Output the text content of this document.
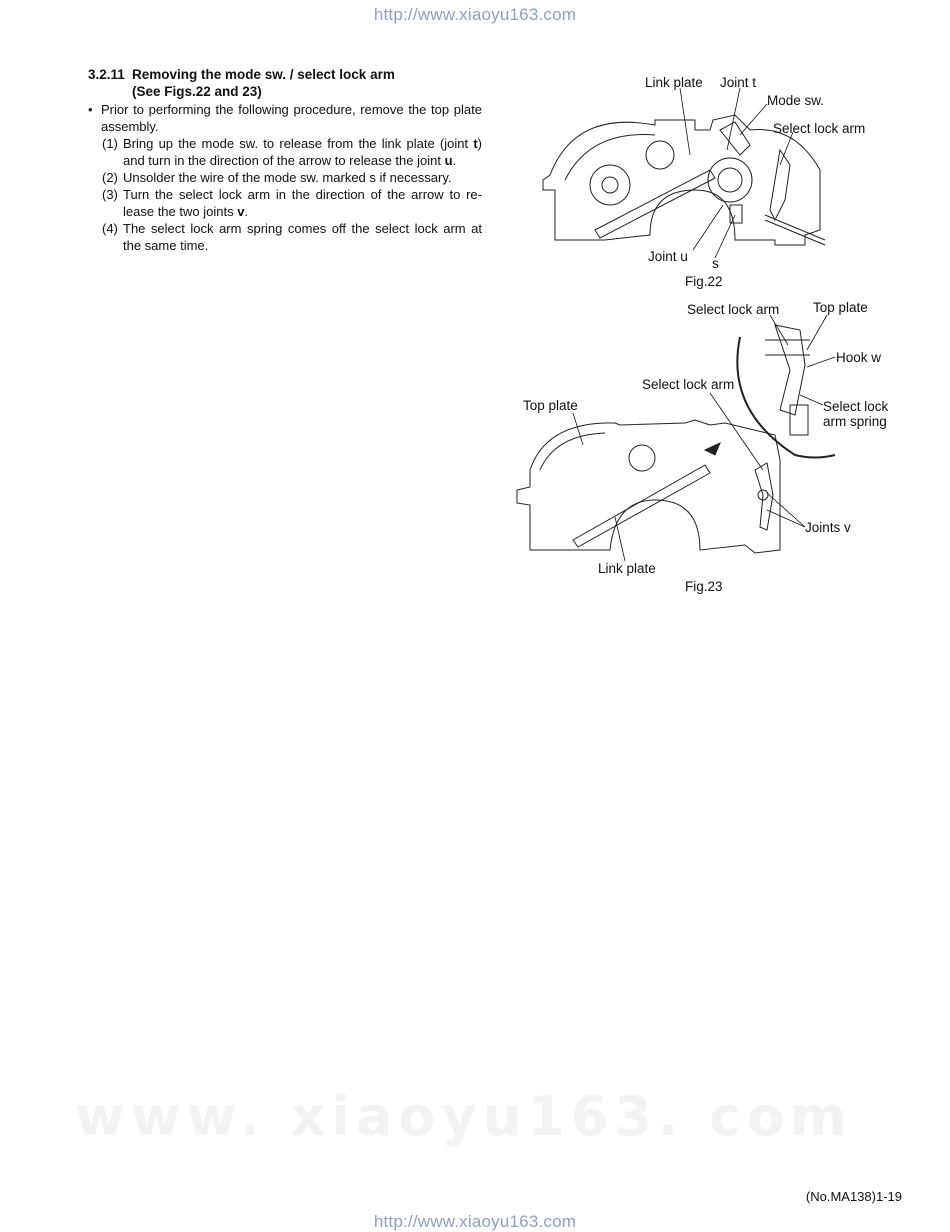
http://www.xiaoyu163.com
www. xiaoyu163. com
3.2.11 Removing the mode sw. / select lock arm
(See Figs.22 and 23)
• Prior to performing the following procedure, remove the top plate assembly.
(1) Bring up the mode sw. to release from the link plate (joint t) and turn in the direction of the arrow to release the joint u.
(2) Unsolder the wire of the mode sw. marked s if necessary.
(3) Turn the select lock arm in the direction of the arrow to re-lease the two joints v.
(4) The select lock arm spring comes off the select lock arm at the same time.
Link plate Joint t
Mode sw.
Select lock arm
Joint u s
Fig.22
Select lock arm Top plate
Hook w
Select lock arm
Select lock
arm spring
Top plate
Joints v
Link plate
Fig.23
(No.MA138)1-19
http://www.xiaoyu163.com
